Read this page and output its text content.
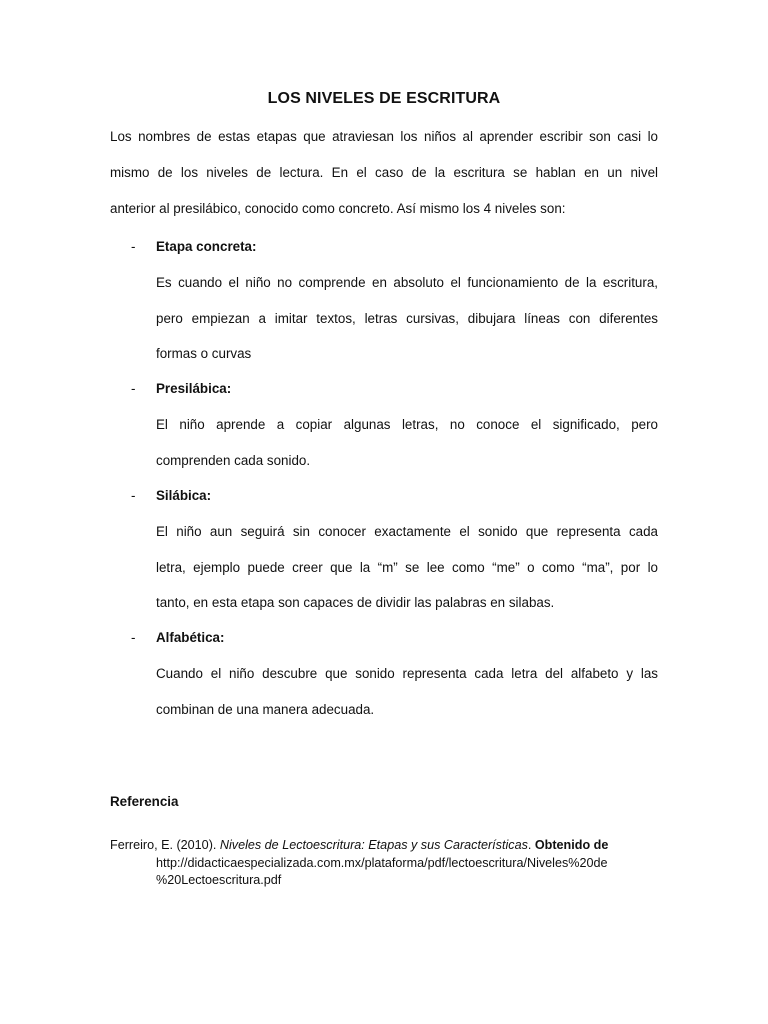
LOS NIVELES DE ESCRITURA
Los nombres de estas etapas que atraviesan los niños al aprender escribir son casi lo
mismo de los niveles de lectura. En el caso de la escritura se hablan en un nivel
anterior al presilábico, conocido como concreto. Así mismo los 4 niveles son:
- Etapa concreta:
Es cuando el niño no comprende en absoluto el funcionamiento de la escritura,
pero empiezan a imitar textos, letras cursivas, dibujara líneas con diferentes
formas o curvas
- Presilábica:
El niño aprende a copiar algunas letras, no conoce el significado, pero
comprenden cada sonido.
- Silábica:
El niño aun seguirá sin conocer exactamente el sonido que representa cada
letra, ejemplo puede creer que la “m” se lee como “me” o como “ma”, por lo
tanto, en esta etapa son capaces de dividir las palabras en silabas.
- Alfabética:
Cuando el niño descubre que sonido representa cada letra del alfabeto y las
combinan de una manera adecuada.
Referencia
Ferreiro, E. (2010). Niveles de Lectoescritura: Etapas y sus Características. Obtenido de
http://didacticaespecializada.com.mx/plataforma/pdf/lectoescritura/Niveles%20de
%20Lectoescritura.pdf
